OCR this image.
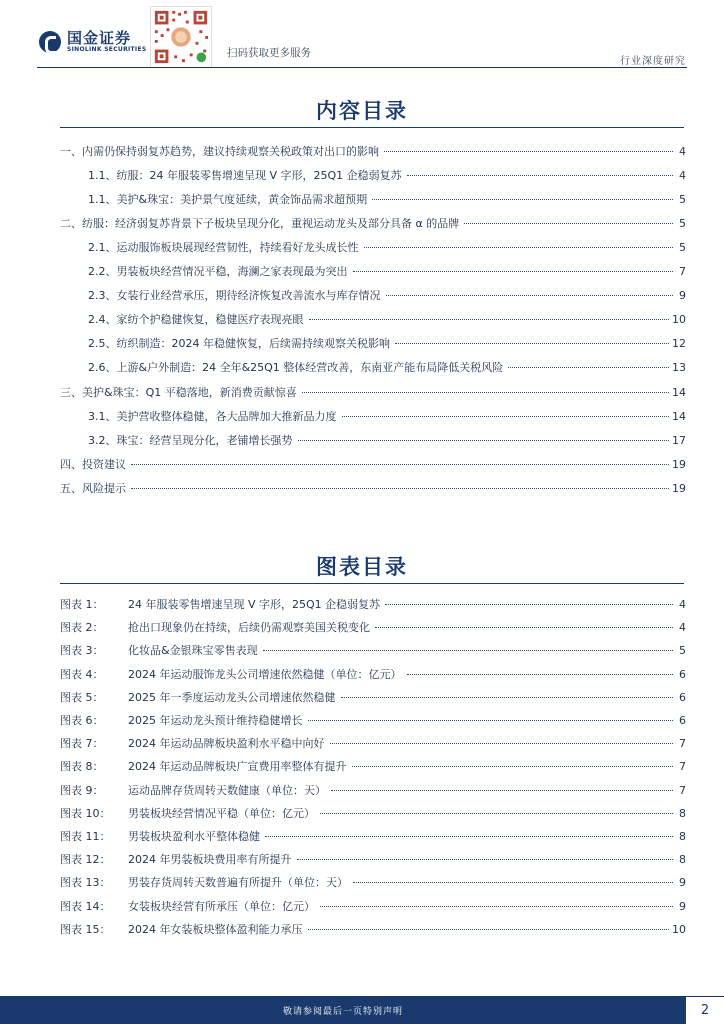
国金证券
SINOLINK SECURITIES	扫码获取更多服务
行业深度研究
内容目录
一、内需仍保持弱复苏趋势，建议持续观察关税政策对出口的影响	4
1.1、纺服：24 年服装零售增速呈现 V 字形，25Q1 企稳弱复苏	4
1.1、美护&珠宝：美护景气度延续，黄金饰品需求超预期	5
二、纺服：经济弱复苏背景下子板块呈现分化，重视运动龙头及部分具备 α 的品牌	5
2.1、运动服饰板块展现经营韧性，持续看好龙头成长性	5
2.2、男装板块经营情况平稳，海澜之家表现最为突出	7
2.3、女装行业经营承压，期待经济恢复改善流水与库存情况	9
2.4、家纺个护稳健恢复，稳健医疗表现亮眼	10
2.5、纺织制造：2024 年稳健恢复，后续需持续观察关税影响	12
2.6、上游&户外制造：24 全年&25Q1 整体经营改善，东南亚产能布局降低关税风险	13
三、美护&珠宝：Q1 平稳落地，新消费贡献惊喜	14
3.1、美护营收整体稳健，各大品牌加大推新品力度	14
3.2、珠宝：经营呈现分化，老铺增长强势	17
四、投资建议	19
五、风险提示	19
图表目录
图表 1：	24 年服装零售增速呈现 V 字形，25Q1 企稳弱复苏	4
图表 2：	抢出口现象仍在持续，后续仍需观察美国关税变化	4
图表 3：	化妆品&金银珠宝零售表现	5
图表 4：	2024 年运动服饰龙头公司增速依然稳健（单位：亿元）	6
图表 5：	2025 年一季度运动龙头公司增速依然稳健	6
图表 6：	2025 年运动龙头预计维持稳健增长	6
图表 7：	2024 年运动品牌板块盈利水平稳中向好	7
图表 8：	2024 年运动品牌板块广宣费用率整体有提升	7
图表 9：	运动品牌存货周转天数健康（单位：天）	7
图表 10：	男装板块经营情况平稳（单位：亿元）	8
图表 11：	男装板块盈利水平整体稳健	8
图表 12：	2024 年男装板块费用率有所提升	8
图表 13：	男装存货周转天数普遍有所提升（单位：天）	9
图表 14：	女装板块经营有所承压（单位：亿元）	9
图表 15：	2024 年女装板块整体盈利能力承压	10
敬请参阅最后一页特别声明	2
